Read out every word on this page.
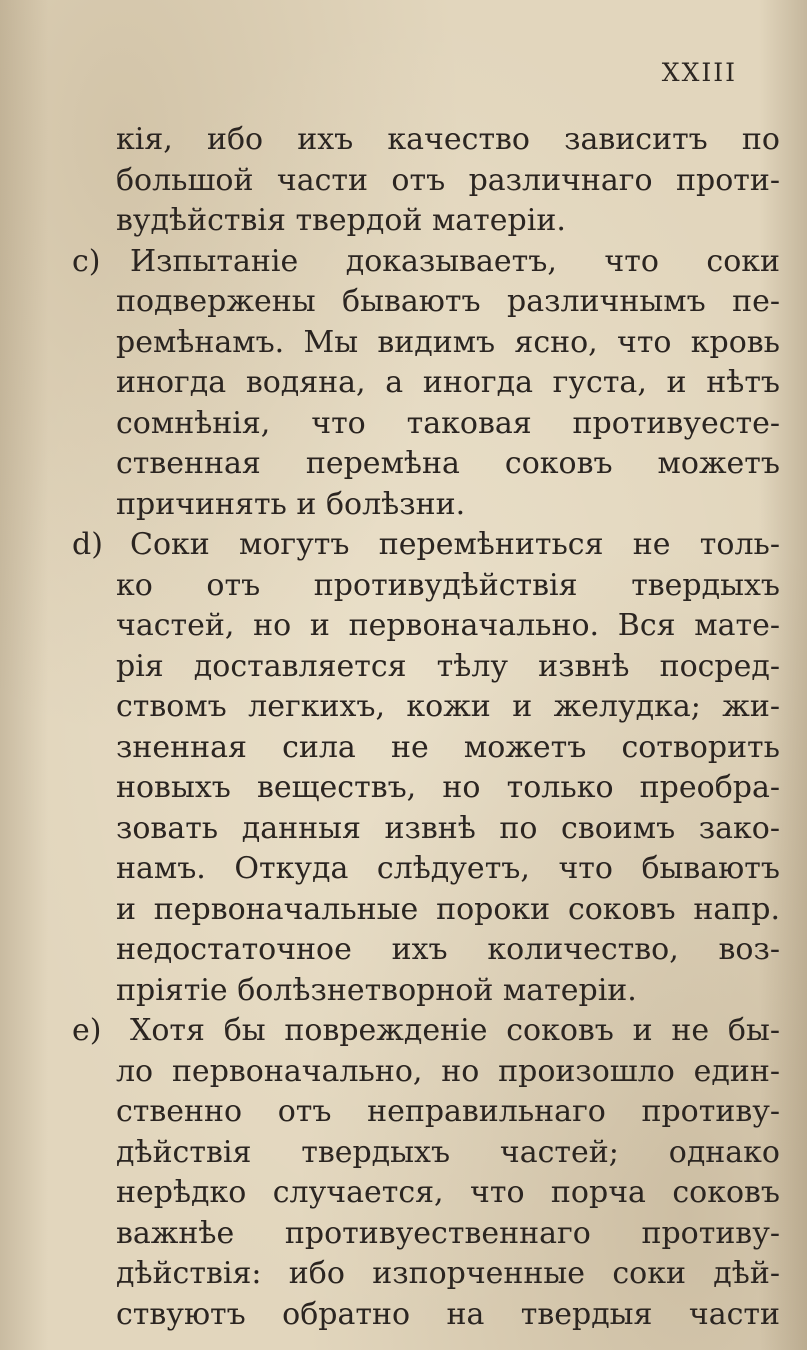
XXIII
кія, ибо ихъ качество зависитъ по
большой части отъ различнаго проти-
вудѣйствія твердой матеріи.
c) Изпытаніе доказываетъ, что соки
подвержены бываютъ различнымъ пе-
ремѣнамъ. Мы видимъ ясно, что кровь
иногда водяна, а иногда густа, и нѣтъ
сомнѣнія, что таковая противуесте-
ственная перемѣна соковъ можетъ
причинять и болѣзни.
d) Соки могутъ перемѣниться не толь-
ко отъ противудѣйствія твердыхъ
частей, но и первоначально. Вся мате-
рія доставляется тѣлу извнѣ посред-
ствомъ легкихъ, кожи и желудка; жи-
зненная сила не можетъ сотворить
новыхъ веществъ, но только преобра-
зовать данныя извнѣ по своимъ зако-
намъ. Откуда слѣдуетъ, что бываютъ
и первоначальные пороки соковъ напр.
недостаточное ихъ количество, воз-
пріятіе болѣзнетворной матеріи.
e) Хотя бы поврежденіе соковъ и не бы-
ло первоначально, но произошло един-
ственно отъ неправильнаго противу-
дѣйствія твердыхъ частей; однако
нерѣдко случается, что порча соковъ
важнѣе противуественнаго противу-
дѣйствія: ибо изпорченные соки дѣй-
ствуютъ обратно на твердыя части
